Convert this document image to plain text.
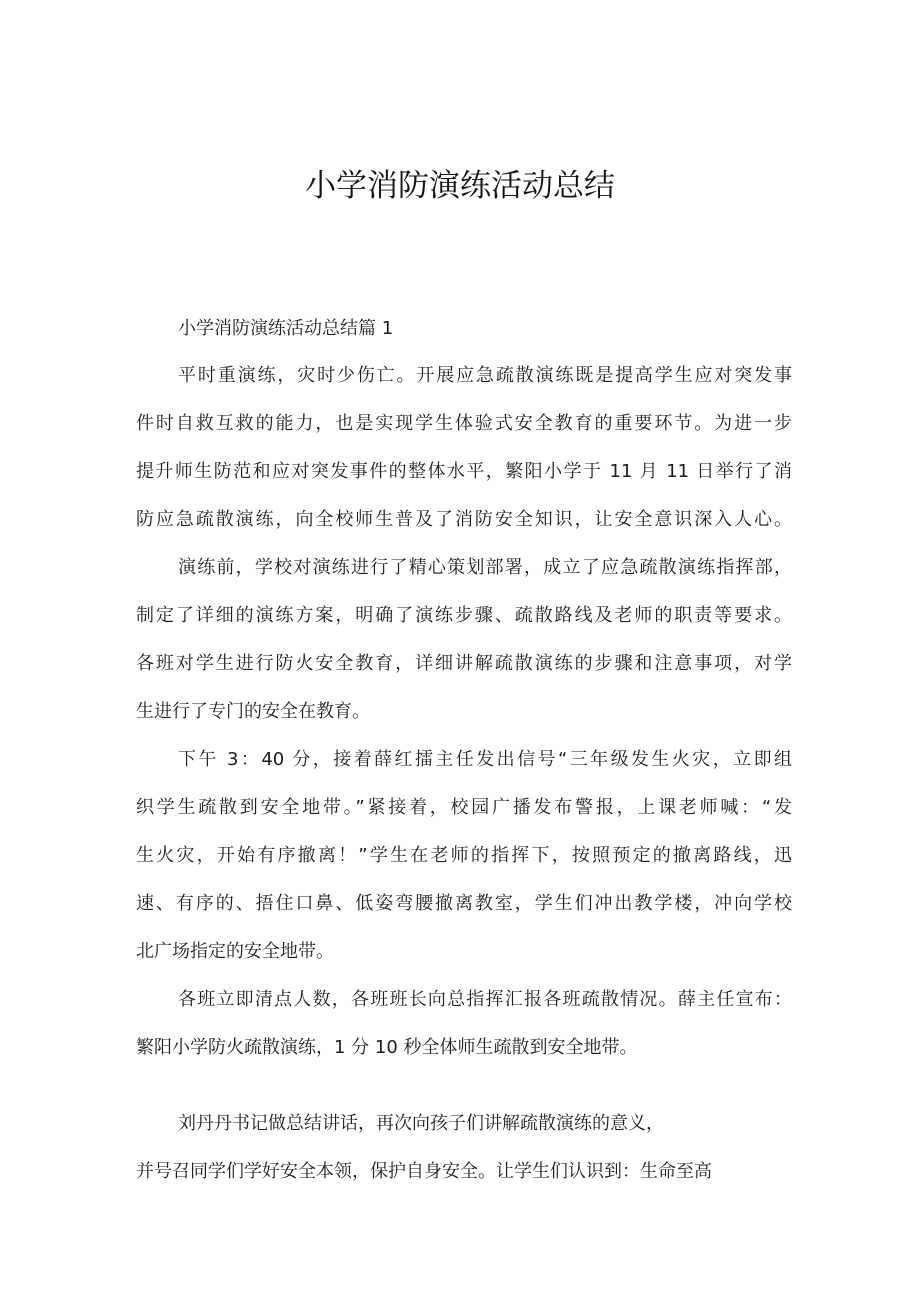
小学消防演练活动总结

小学消防演练活动总结篇 1

平时重演练，灾时少伤亡。开展应急疏散演练既是提高学生应对突发事

件时自救互救的能力，也是实现学生体验式安全教育的重要环节。为进一步

提升师生防范和应对突发事件的整体水平，繁阳小学于 11 月 11 日举行了消

防应急疏散演练，向全校师生普及了消防安全知识，让安全意识深入人心。

演练前，学校对演练进行了精心策划部署，成立了应急疏散演练指挥部，

制定了详细的演练方案，明确了演练步骤、疏散路线及老师的职责等要求。

各班对学生进行防火安全教育，详细讲解疏散演练的步骤和注意事项，对学

生进行了专门的安全在教育。

下午 3：40 分，接着薛红擂主任发出信号“三年级发生火灾，立即组

织学生疏散到安全地带。”紧接着，校园广播发布警报，上课老师喊：“发

生火灾，开始有序撤离！”学生在老师的指挥下，按照预定的撤离路线，迅

速、有序的、捂住口鼻、低姿弯腰撤离教室，学生们冲出教学楼，冲向学校

北广场指定的安全地带。

各班立即清点人数，各班班长向总指挥汇报各班疏散情况。薛主任宣布：

繁阳小学防火疏散演练，1 分 10 秒全体师生疏散到安全地带。

刘丹丹书记做总结讲话，再次向孩子们讲解疏散演练的意义，

并号召同学们学好安全本领，保护自身安全。让学生们认识到：生命至高
